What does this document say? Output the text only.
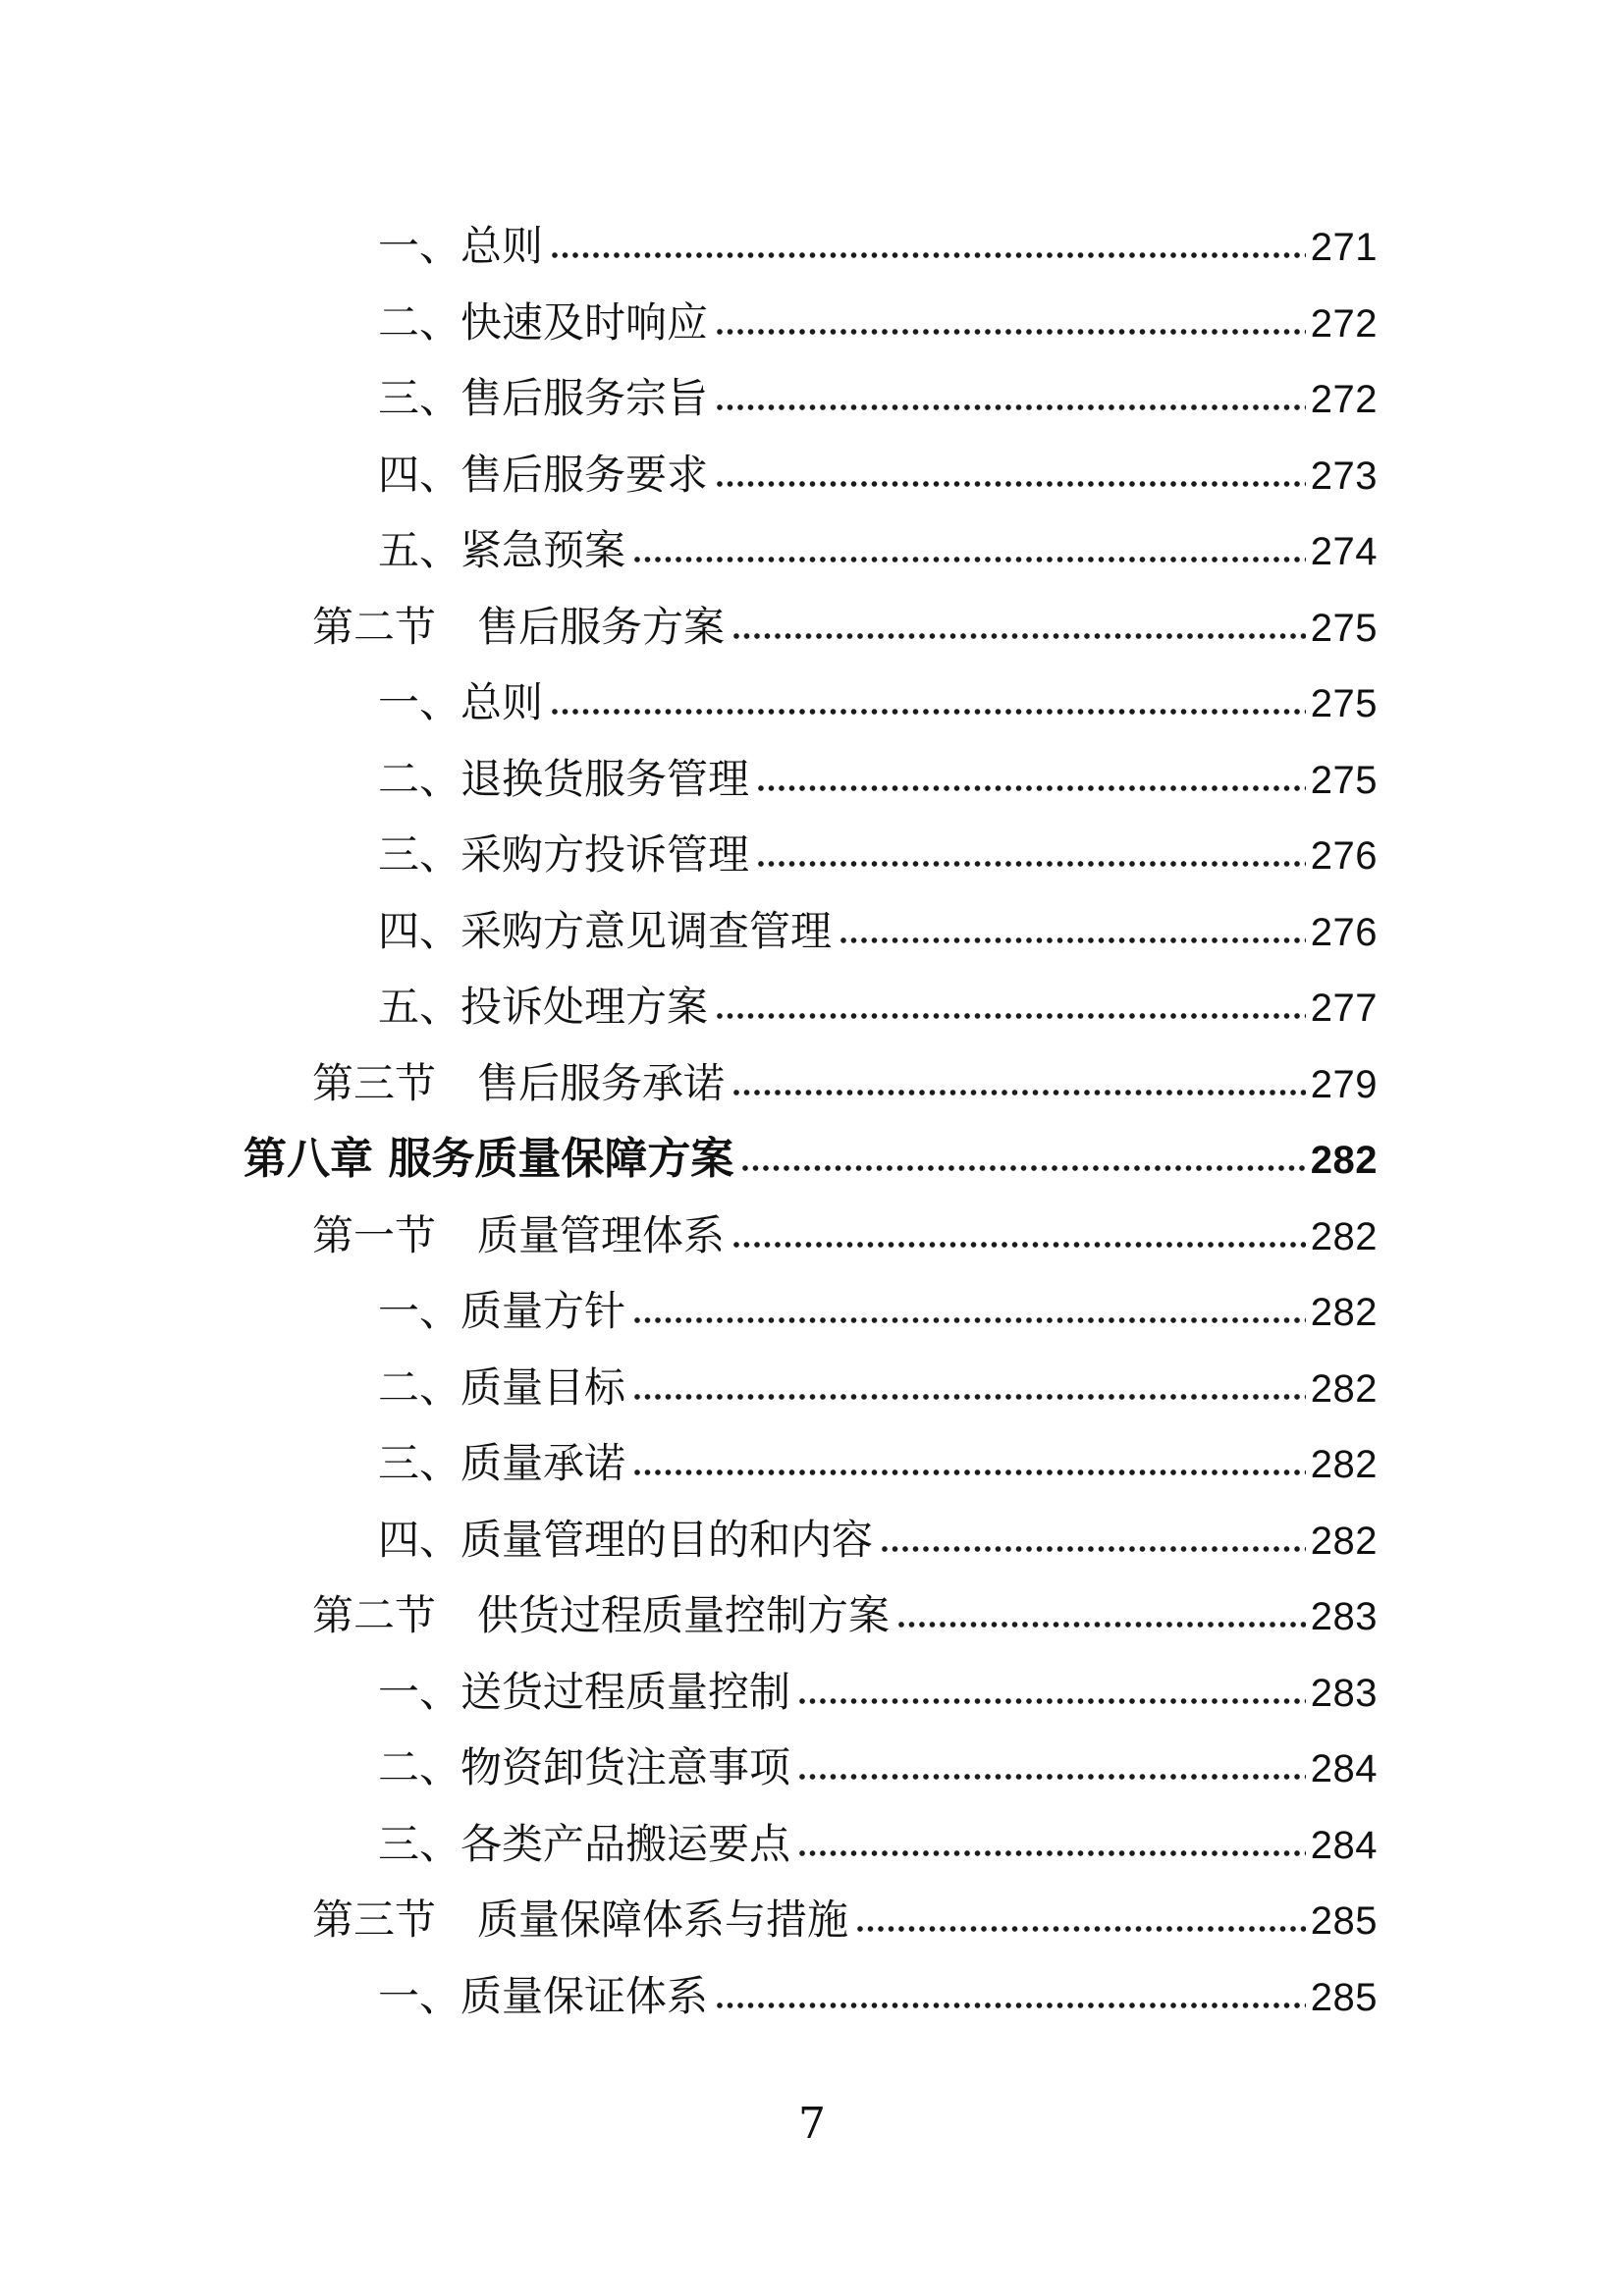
一、总则	271
二、快速及时响应	272
三、售后服务宗旨	272
四、售后服务要求	273
五、紧急预案	274
第二节　售后服务方案	275
一、总则	275
二、退换货服务管理	275
三、采购方投诉管理	276
四、采购方意见调查管理	276
五、投诉处理方案	277
第三节　售后服务承诺	279
第八章 服务质量保障方案	282
第一节　质量管理体系	282
一、质量方针	282
二、质量目标	282
三、质量承诺	282
四、质量管理的目的和内容	282
第二节　供货过程质量控制方案	283
一、送货过程质量控制	283
二、物资卸货注意事项	284
三、各类产品搬运要点	284
第三节　质量保障体系与措施	285
一、质量保证体系	285
7
